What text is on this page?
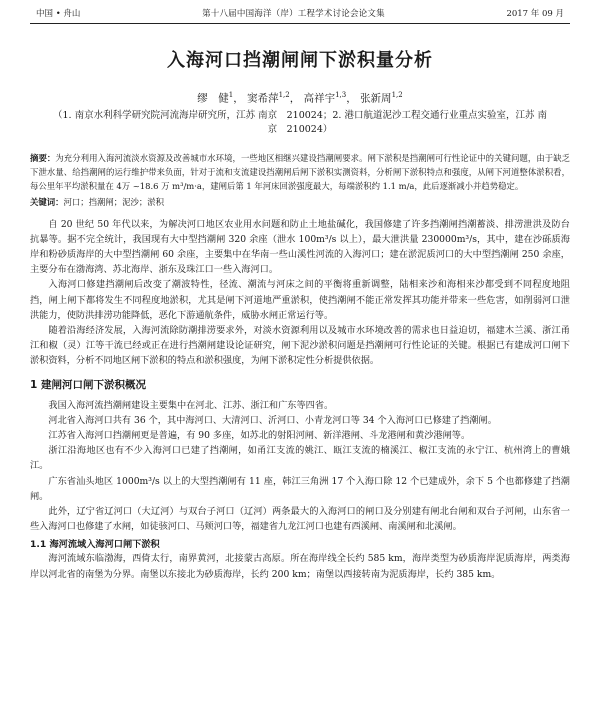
中国 • 舟山	第十八届中国海洋（岸）工程学术讨论会论文集	2017 年 09 月
入海河口挡潮闸闸下淤积量分析
缪　健$^1$， 窦希萍$^{1,2}$， 高祥宇$^{1,3}$， 张新周$^{1,2}$
（1. 南京水利科学研究院河流海岸研究所，江苏 南京　210024；2. 港口航道泥沙工程交通行业重点实验室，江苏 南京　210024）
摘要：为充分利用入海河流淡水资源及改善城市水环境，一些地区相继兴建设挡潮闸要求。闸下淤积是挡潮闸可行性论证中的关键问题，由于缺乏下泄水量、给挡潮闸的运行维护带来负面，针对于流和支流建设挡潮闸后闸下淤积实测资料，分析闸下淤积特点和强度，从闸下河道整体淤积看，每公里年平均淤积量在 4万 ~18.6 万 m³/m·a，建闸后第 1 年河床回淤强度最大，每端淤积约 1.1 m/a，此后逐渐减小并趋势稳定。
关键词：河口；挡潮闸；泥沙；淤积

自 20 世纪 50 年代以来，为解决河口地区农业用水问题和防止土地盐碱化，我国修建了许多挡潮闸挡潮蓄淡、排涝泄洪及防台抗暴等。据不完全统计，我国现有大中型挡潮闸 320 余座（泄水 100m³/s 以上），最大泄洪量 230000m³/s，其中，建在沙砾质海岸和粉砂质海岸的大中型挡潮闸 60 余座，主要集中在华南一些山溪性河流的入海河口；建在淤泥质河口的大中型挡潮闸 250 余座，主要分布在渤海湾、苏北海岸、浙东及珠江口一些入海河口。

入海河口修建挡潮闸后改变了潮波特性，径流、潮流与河床之间的平衡将重新调整，陆相来沙和海相来沙都受到不同程度地阻挡，闸上闸下都将发生不同程度地淤积，尤其是闸下河道地严重淤积，使挡潮闸不能正常发挥其功能并带来一些危害，如削弱河口泄洪能力，使防洪排涝功能降低，恶化下游通航条件，威胁水闸正常运行等。

随着沿海经济发展，入海河流除防潮排涝要求外，对淡水资源利用以及城市水环境改善的需求也日益迫切，福建木兰溪、浙江甬江和椒（灵）江等干流已经或正在进行挡潮闸建设论证研究，闸下泥沙淤积问题是挡潮闸可行性论证的关键。根据已有建成河口闸下淤积资料，分析不同地区闸下淤积的特点和淤积强度，为闸下淤积定性分析提供依据。

1 建闸河口闸下淤积概况

我国入海河流挡潮闸建设主要集中在河北、江苏、浙江和广东等四省。

河北省入海河口共有 36 个，其中海河口、大清河口、沂河口、小青龙河口等 34 个入海河口已修建了挡潮闸。

江苏省入海河口挡潮闸更是普遍，有 90 多座，如苏北的射阳河闸、新洋港闸、斗龙港闸和黄沙港闸等。

浙江沿海地区也有不少入海河口已建了挡潮闸，如甬江支流的姚江、瓯江支流的楠溪江、椒江支流的永宁江、杭州湾上的曹娥江。

广东省汕头地区 1000m³/s 以上的大型挡潮闸有 11 座，韩江三角洲 17 个入海口除 12 个已建成外，余下 5 个也都修建了挡潮闸。

此外，辽宁省辽河口（大辽河）与双台子河口（辽河）两条最大的入海河口的闸口及分别建有闸北台闸和双台子河闸，山东省一些入海河口也修建了水闸，如徒骇河口、马颊河口等，福建省九龙江河口也建有西溪闸、南溪闸和北溪闸。

1.1 海河流域入海河口闸下淤积

海河流域东临渤海，西倚太行，南界黄河，北接蒙古高原。所在海岸线全长约 585 km，海岸类型为砂质海岸泥质海岸，两类海岸以河北省的南堡为分界。南堡以东接北为砂质海岸，长约 200 km；南堡以西接转南为泥质海岸，长约 385 km。
